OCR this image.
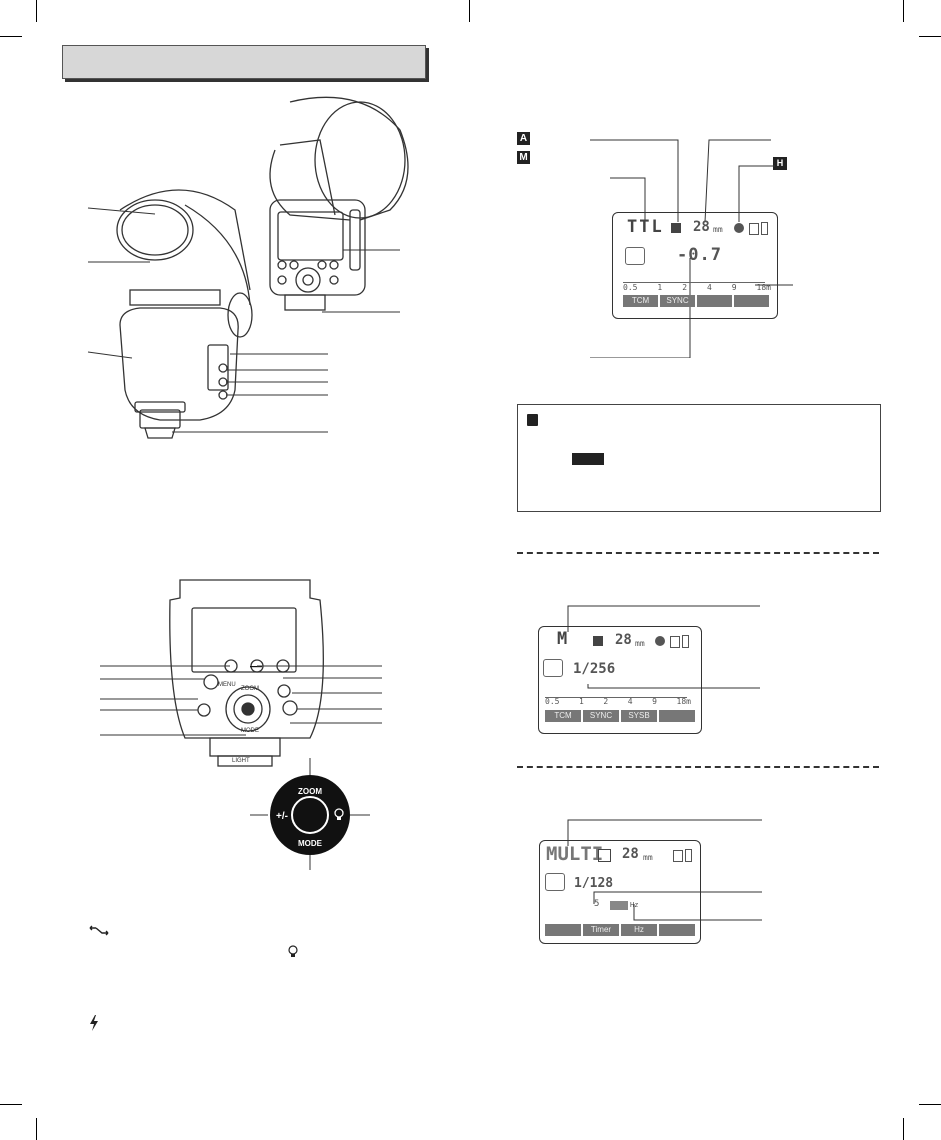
MENU
ZOOM
MODE
LIGHT
ZOOM
+/-
MODE
A
M	H
TTL 28 mm
-0.7
0.5 1 2 4 9 18m
TCM	SYNC
M	28 mm
1/256
0.5 1 2 4 9 18m
TCM	SYNC	SYSB
MULTI 28 mm
1/128
5	Hz
Timer	Hz
